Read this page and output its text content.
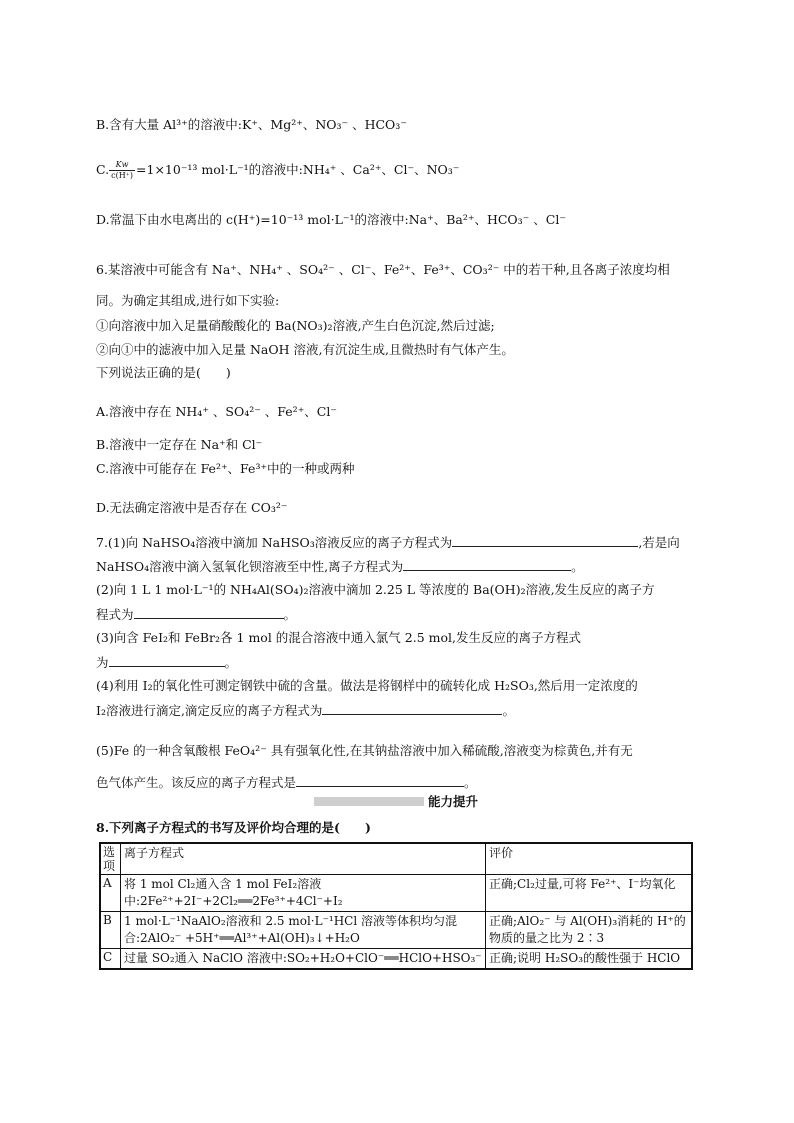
B.含有大量 Al³⁺的溶液中:K⁺、Mg²⁺、NO₃⁻ 、HCO₃⁻
C. $\frac{Kw}{c(H^+)} =1\times 10^{-13}$ mol·L⁻¹的溶液中:NH₄⁺ 、Ca²⁺、Cl⁻、NO₃⁻
D.常温下由水电离出的 c(H⁺)=10⁻¹³ mol·L⁻¹的溶液中:Na⁺、Ba²⁺、HCO₃⁻ 、Cl⁻
6.某溶液中可能含有 Na⁺、NH₄⁺ 、SO₄²⁻ 、Cl⁻、Fe²⁺、Fe³⁺、CO₃²⁻ 中的若干种,且各离子浓度均相
同。为确定其组成,进行如下实验:
①向溶液中加入足量硝酸酸化的 Ba(NO₃)₂溶液,产生白色沉淀,然后过滤;
②向①中的滤液中加入足量 NaOH 溶液,有沉淀生成,且微热时有气体产生。
下列说法正确的是(　　)
A.溶液中存在 NH₄⁺ 、SO₄²⁻ 、Fe²⁺、Cl⁻
B.溶液中一定存在 Na⁺和 Cl⁻
C.溶液中可能存在 Fe²⁺、Fe³⁺中的一种或两种
D.无法确定溶液中是否存在 CO₃²⁻
7.(1)向 NaHSO₄溶液中滴加 NaHSO₃溶液反应的离子方程式为	,若是向
NaHSO₄溶液中滴入氢氧化钡溶液至中性,离子方程式为	。
(2)向 1 L 1 mol·L⁻¹的 NH₄Al(SO₄)₂溶液中滴加 2.25 L 等浓度的 Ba(OH)₂溶液,发生反应的离子方
程式为	。
(3)向含 FeI₂和 FeBr₂各 1 mol 的混合溶液中通入氯气 2.5 mol,发生反应的离子方程式
为	。
(4)利用 I₂的氧化性可测定钢铁中硫的含量。做法是将钢样中的硫转化成 H₂SO₃,然后用一定浓度的
I₂溶液进行滴定,滴定反应的离子方程式为	。
(5)Fe 的一种含氧酸根 FeO₄²⁻ 具有强氧化性,在其钠盐溶液中加入稀硫酸,溶液变为棕黄色,并有无
色气体产生。该反应的离子方程式是	。
能力提升
8.下列离子方程式的书写及评价均合理的是(　　)
选项	离子方程式	评价
A	将 1 mol Cl₂通入含 1 mol FeI₂溶液中:2Fe²⁺+2I⁻+2Cl₂══2Fe³⁺+4Cl⁻+I₂	正确;Cl₂过量,可将 Fe²⁺、I⁻均氧化
B	1 mol·L⁻¹NaAlO₂溶液和 2.5 mol·L⁻¹HCl 溶液等体积均匀混合:2AlO₂⁻ +5H⁺══Al³⁺+Al(OH)₃↓+H₂O	正确;AlO₂⁻ 与 Al(OH)₃消耗的 H⁺的物质的量之比为 2∶3
C	过量 SO₂通入 NaClO 溶液中:SO₂+H₂O+ClO⁻══HClO+HSO₃⁻	正确;说明 H₂SO₃的酸性强于 HClO
